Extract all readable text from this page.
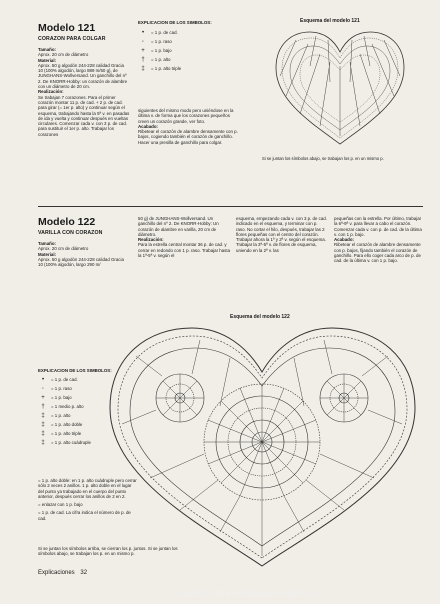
Modelo 121
CORAZON PARA COLGAR
Tamaño:
Aprox. 20 cm de diámetro
Material:
Aprox. 50 g algodón 244-228 calidad Gracia 10 (100% algodón, largo 889 m/50 g), de JUNGHANS-Wollversand. Un ganchillo del nº 2. De KNORR-Hobby: un corazón de alambre con un diámetro de 20 cm.
Realización:
Se trabajan 7 corazones. Para el primer corazón montar 11 p. de cad. + 2 p. de cad. para girar (= 1er p. alto) y continuar según el esquema, trabajando hasta la 5ª v. en pasadas de ida y vuelta y continuar después en vueltas circulares. Comenzar cada v. con 3 p. de cad. para sustituir el 1er p. alto. Trabajar los corazones
EXPLICACION DE LOS SIMBOLOS:
•	= 1 p. de cad.
◦	= 1 p. raso
+	= 1 p. bajo
†	= 1 p. alto
‡	= 1 p. alto triple
siguientes del mismo modo pero uniéndose en la última v. de forma que los corazones pequeños creen un corazón grande, ver foto.
Acabado:
Ribetear el corazón de alambre densamente con p. bajos, cogiendo también el corazón de ganchillo. Hacer una presilla de ganchillo para colgar.
Esquema del modelo 121
Si se juntan los símbolos abajo, se trabajan los p. en un mismo p.
Modelo 122
VARILLA CON CORAZON
Tamaño:
Aprox. 20 cm de diámetro
Material:
Aprox. 50 g algodón 244-228 calidad Gracia 10 (100% algodón, largo 290 m/
50 g) de JUNGHANS-Wollversand. Un ganchillo del nº 2. De KNORR-Hobby: Un corazón de alambre en varilla, 20 cm de diámetro.
Realización:
Para la estrella central montar 36 p. de cad. y cerrar en redondo con 1 p. raso. Trabajar hasta la 1ª-5ª v. según el
esquema, empezando cada v. con 3 p. de cad. indicado en el esquema, y terminar con p. raso. No cortar el hilo, después, trabajar las 2 flores pequeñas con el centro del corazón. Trabajar ahora la 1ª y 2ª v. según el esquema. Trabajar la 3ª-5ª v. de flores de esquema, uniendo en la 2ª v. las
pequeñas con la estrella. Por último, trabajar la 6ª-9ª v. para llevar a cabo el corazón. Comenzar cada v. con p. de cad. de la última v. con 1 p. bajo.
Acabado:
Ribetear el corazón de alambre densamente con p. bajos, fijando también el corazón de ganchillo. Para ello coger cada arco de p. de cad. de la última v. con 1 p. bajo.
Esquema del modelo 122
EXPLICACION DE LOS SIMBOLOS:
•	= 1 p. de cad.
◦	= 1 p. raso
+	= 1 p. bajo
†	= 1 medio p. alto
‡	= 1 p. alto
‡	= 1 p. alto doble
‡	= 1 p. alto triple
‡	= 1 p. alto cuádruple
= 1 p. alto doble: en 1 p. alto cuádruple pero cerrar sólo 2 veces 2 anillos. 1 p. alto doble en el lugar del punto ya trabajado en el cuerpo del punto anterior, después cerrar los anillos de 2 en 2.
= enlazar con 1 p. bajo
= 1 p. de cad. La cifra indica el número de p. de cad.
Si se juntan los símbolos arriba, se cierran los p. juntos. Si se juntan los símbolos abajo, se trabajan los p. en un mismo p.
Explicaciones 32
marina_1976 • Бэйбики • babiki.ru
